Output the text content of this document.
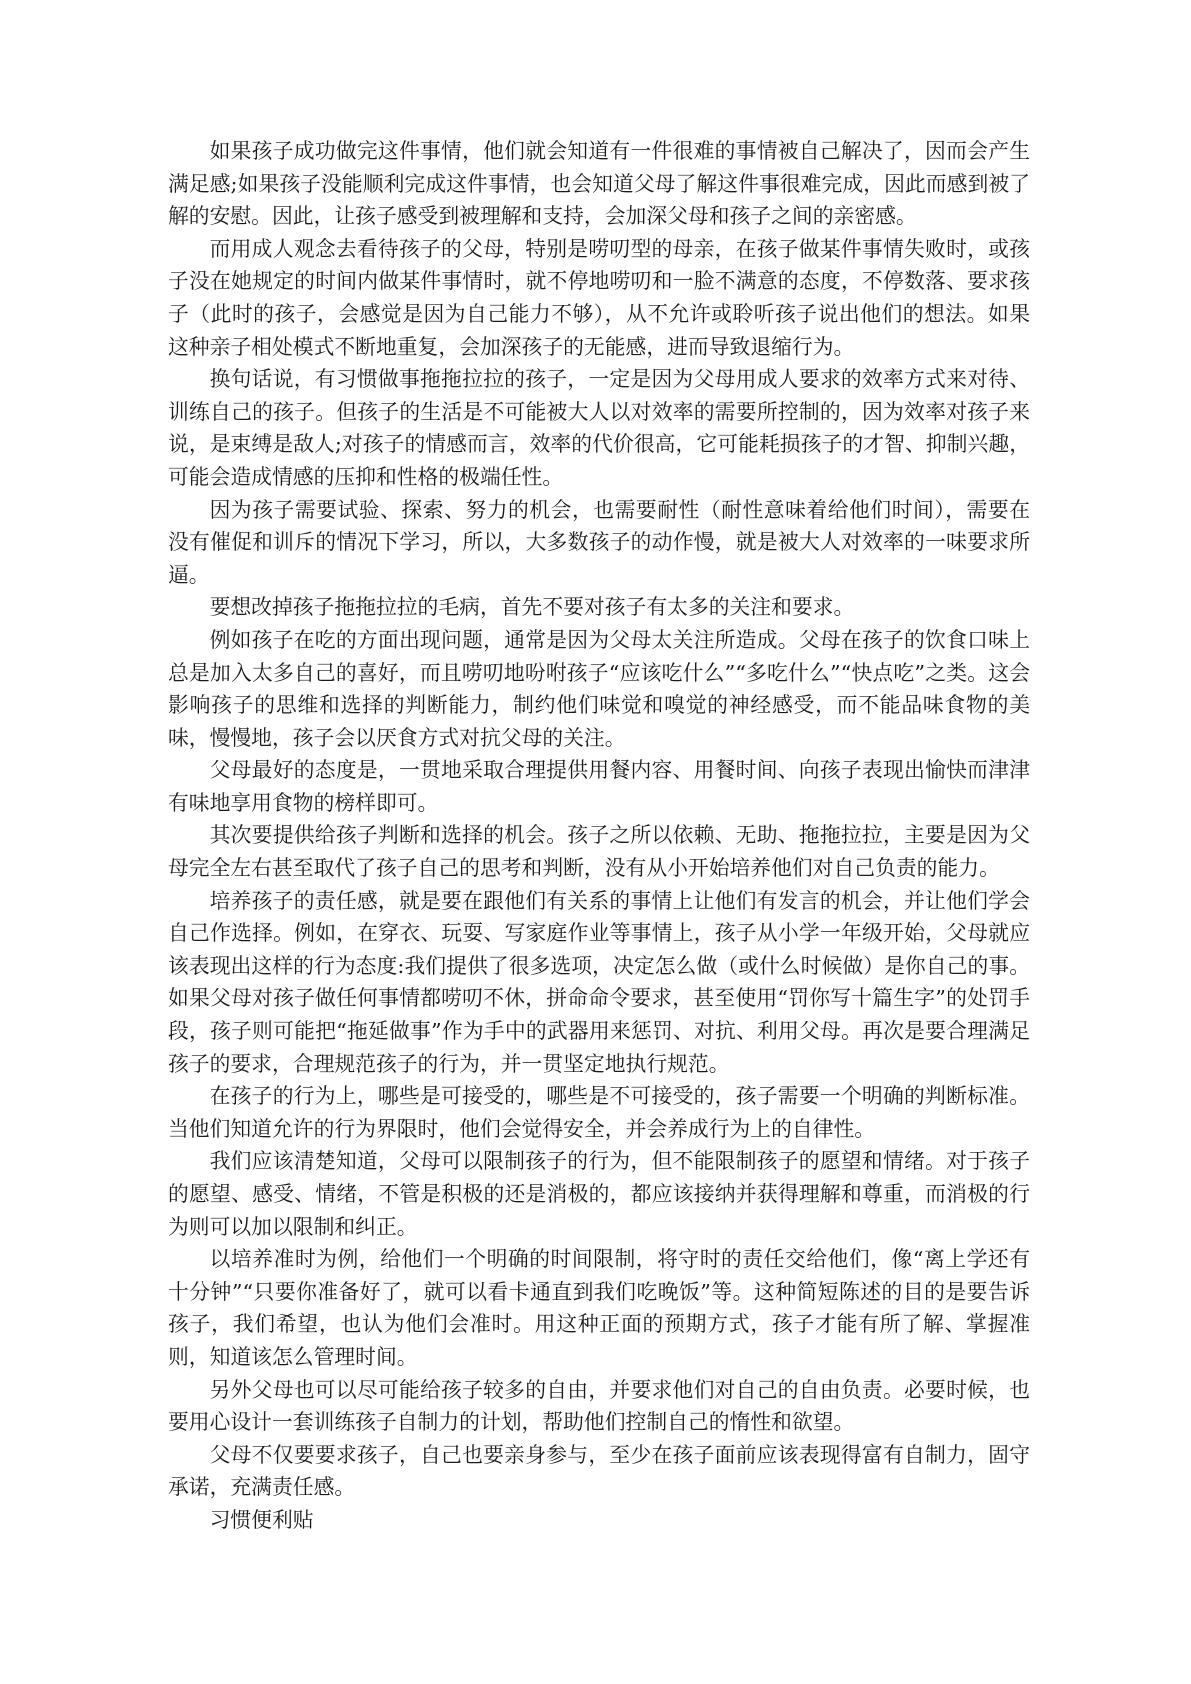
如果孩子成功做完这件事情，他们就会知道有一件很难的事情被自己解决了，因而会产生满足感;如果孩子没能顺利完成这件事情，也会知道父母了解这件事很难完成，因此而感到被了解的安慰。因此，让孩子感受到被理解和支持，会加深父母和孩子之间的亲密感。

而用成人观念去看待孩子的父母，特别是唠叨型的母亲，在孩子做某件事情失败时，或孩子没在她规定的时间内做某件事情时，就不停地唠叨和一脸不满意的态度，不停数落、要求孩子（此时的孩子，会感觉是因为自己能力不够），从不允许或聆听孩子说出他们的想法。如果这种亲子相处模式不断地重复，会加深孩子的无能感，进而导致退缩行为。

换句话说，有习惯做事拖拖拉拉的孩子，一定是因为父母用成人要求的效率方式来对待、训练自己的孩子。但孩子的生活是不可能被大人以对效率的需要所控制的，因为效率对孩子来说，是束缚是敌人;对孩子的情感而言，效率的代价很高，它可能耗损孩子的才智、抑制兴趣，可能会造成情感的压抑和性格的极端任性。

因为孩子需要试验、探索、努力的机会，也需要耐性（耐性意味着给他们时间），需要在没有催促和训斥的情况下学习，所以，大多数孩子的动作慢，就是被大人对效率的一味要求所逼。

要想改掉孩子拖拖拉拉的毛病，首先不要对孩子有太多的关注和要求。

例如孩子在吃的方面出现问题，通常是因为父母太关注所造成。父母在孩子的饮食口味上总是加入太多自己的喜好，而且唠叨地吩咐孩子“应该吃什么”“多吃什么”“快点吃”之类。这会影响孩子的思维和选择的判断能力，制约他们味觉和嗅觉的神经感受，而不能品味食物的美味，慢慢地，孩子会以厌食方式对抗父母的关注。

父母最好的态度是，一贯地采取合理提供用餐内容、用餐时间、向孩子表现出愉快而津津有味地享用食物的榜样即可。

其次要提供给孩子判断和选择的机会。孩子之所以依赖、无助、拖拖拉拉，主要是因为父母完全左右甚至取代了孩子自己的思考和判断，没有从小开始培养他们对自己负责的能力。

培养孩子的责任感，就是要在跟他们有关系的事情上让他们有发言的机会，并让他们学会自己作选择。例如，在穿衣、玩耍、写家庭作业等事情上，孩子从小学一年级开始，父母就应该表现出这样的行为态度:我们提供了很多选项，决定怎么做（或什么时候做）是你自己的事。如果父母对孩子做任何事情都唠叨不休，拼命命令要求，甚至使用“罚你写十篇生字”的处罚手段，孩子则可能把“拖延做事”作为手中的武器用来惩罚、对抗、利用父母。再次是要合理满足孩子的要求，合理规范孩子的行为，并一贯坚定地执行规范。

在孩子的行为上，哪些是可接受的，哪些是不可接受的，孩子需要一个明确的判断标准。当他们知道允许的行为界限时，他们会觉得安全，并会养成行为上的自律性。

我们应该清楚知道，父母可以限制孩子的行为，但不能限制孩子的愿望和情绪。对于孩子的愿望、感受、情绪，不管是积极的还是消极的，都应该接纳并获得理解和尊重，而消极的行为则可以加以限制和纠正。

以培养准时为例，给他们一个明确的时间限制，将守时的责任交给他们，像“离上学还有十分钟”“只要你准备好了，就可以看卡通直到我们吃晚饭”等。这种简短陈述的目的是要告诉孩子，我们希望，也认为他们会准时。用这种正面的预期方式，孩子才能有所了解、掌握准则，知道该怎么管理时间。

另外父母也可以尽可能给孩子较多的自由，并要求他们对自己的自由负责。必要时候，也要用心设计一套训练孩子自制力的计划，帮助他们控制自己的惰性和欲望。

父母不仅要要求孩子，自己也要亲身参与，至少在孩子面前应该表现得富有自制力，固守承诺，充满责任感。

习惯便利贴
